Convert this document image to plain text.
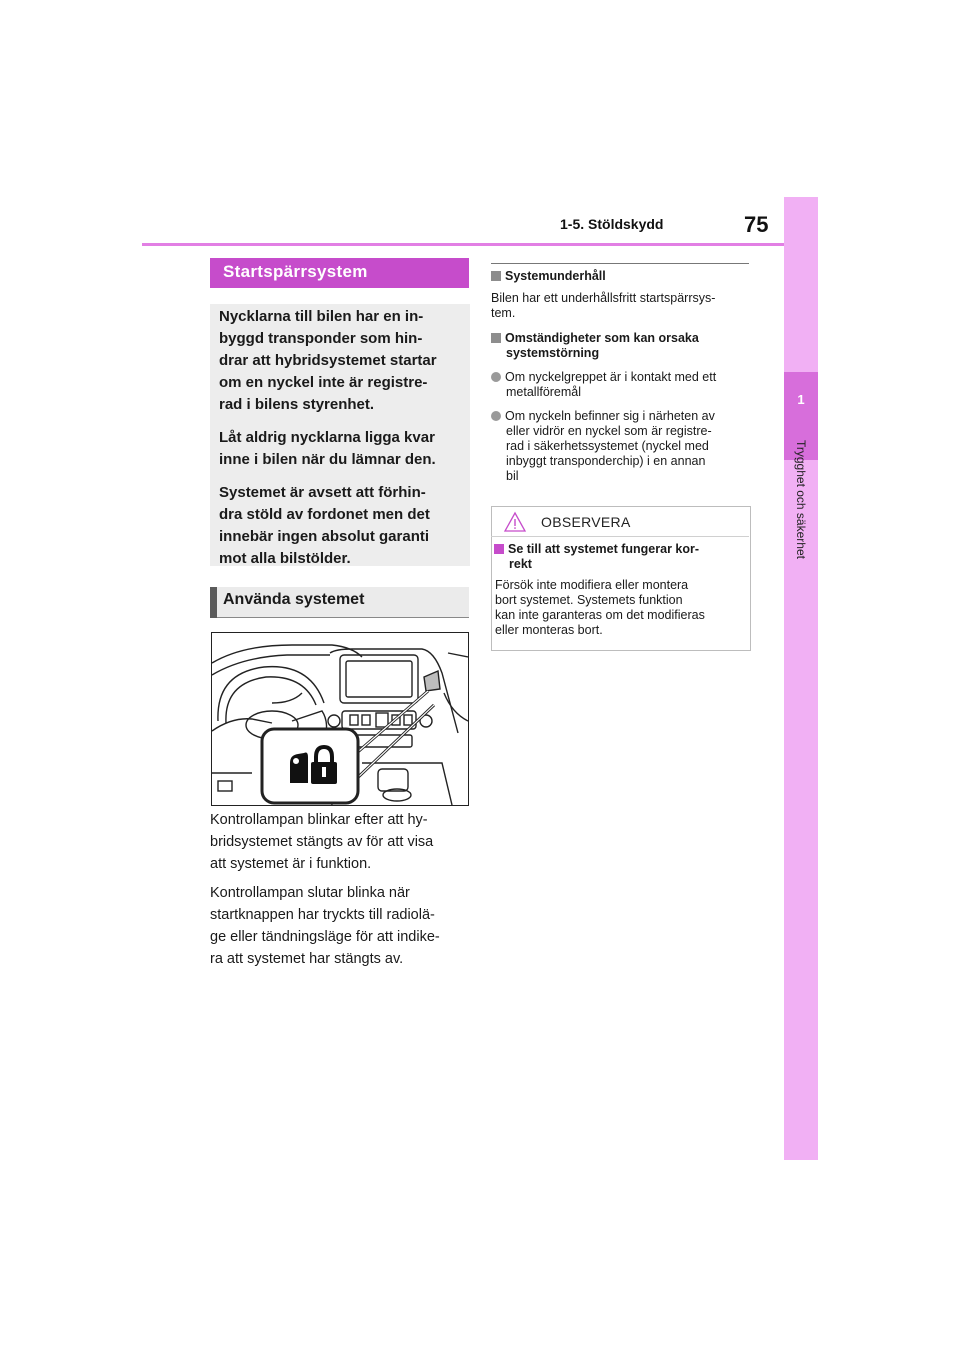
1-5. Stöldskydd	75
1
Trygghet och säkerhet
Startspärrsystem

Nycklarna till bilen har en in-
byggd transponder som hin-
drar att hybridsystemet startar
om en nyckel inte är registre-
rad i bilens styrenhet.

Låt aldrig nycklarna ligga kvar
inne i bilen när du lämnar den.

Systemet är avsett att förhin-
dra stöld av fordonet men det
innebär ingen absolut garanti
mot alla bilstölder.

Använda systemet

Kontrollampan blinkar efter att hy-
bridsystemet stängts av för att visa
att systemet är i funktion.

Kontrollampan slutar blinka när
startknappen har tryckts till radiolä-
ge eller tändningsläge för att indike-
ra att systemet har stängts av.

Systemunderhåll
Bilen har ett underhållsfritt startspärrsys-
tem.
Omständigheter som kan orsaka
systemstörning
Om nyckelgreppet är i kontakt med ett
metallföremål
Om nyckeln befinner sig i närheten av
eller vidrör en nyckel som är registre-
rad i säkerhetssystemet (nyckel med
inbyggt transponderchip) i en annan
bil
OBSERVERA
Se till att systemet fungerar kor-
rekt
Försök inte modifiera eller montera
bort systemet. Systemets funktion
kan inte garanteras om det modifieras
eller monteras bort.
